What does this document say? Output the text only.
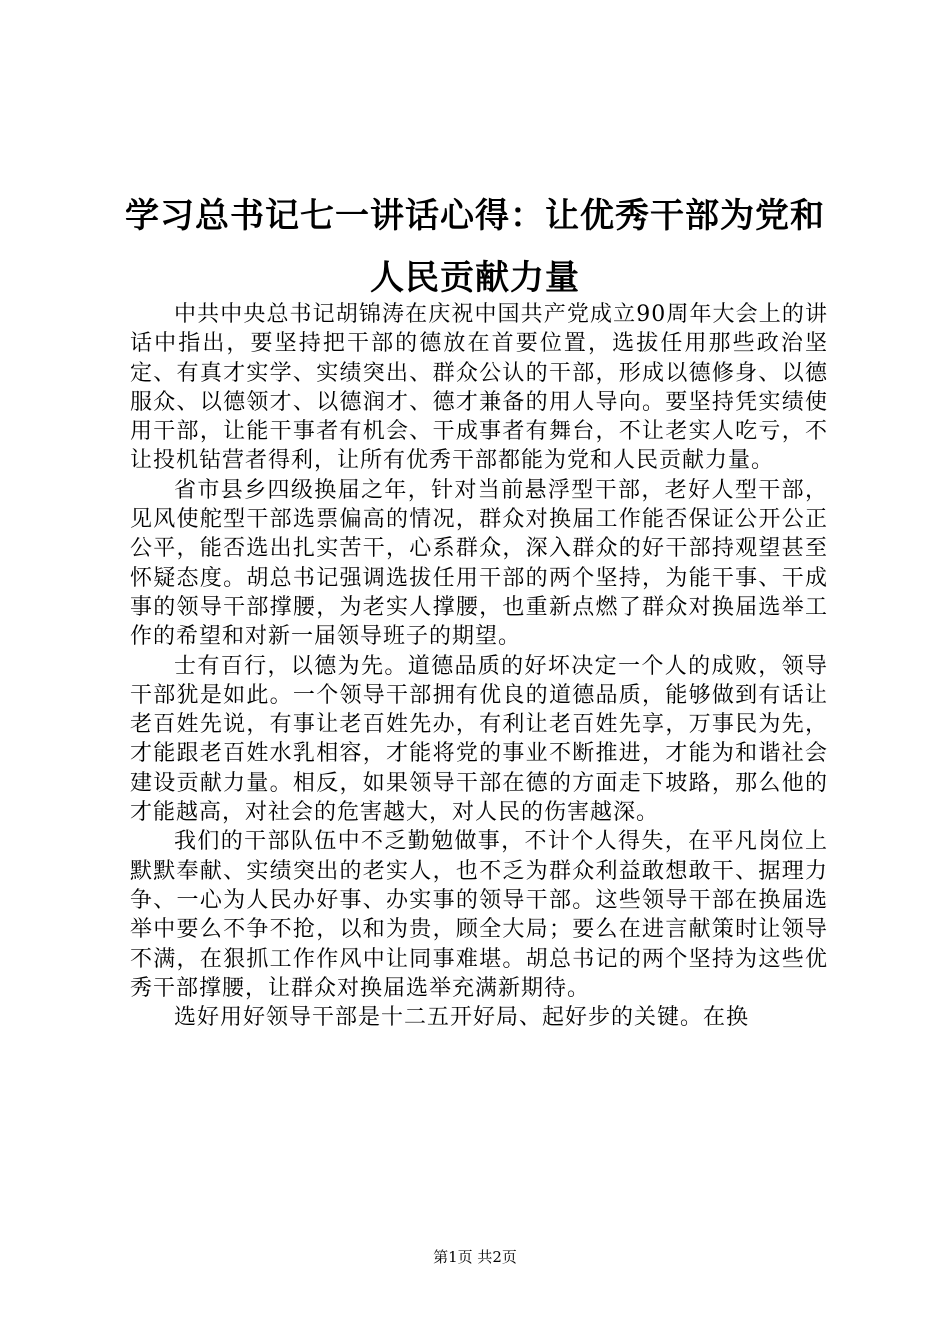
学习总书记七一讲话心得：让优秀干部为党和
人民贡献力量

中共中央总书记胡锦涛在庆祝中国共产党成立90周年大会上的讲话中指出，要坚持把干部的德放在首要位置，选拔任用那些政治坚定、有真才实学、实绩突出、群众公认的干部，形成以德修身、以德服众、以德领才、以德润才、德才兼备的用人导向。要坚持凭实绩使用干部，让能干事者有机会、干成事者有舞台，不让老实人吃亏，不让投机钻营者得利，让所有优秀干部都能为党和人民贡献力量。

省市县乡四级换届之年，针对当前悬浮型干部，老好人型干部，见风使舵型干部选票偏高的情况，群众对换届工作能否保证公开公正公平，能否选出扎实苦干，心系群众，深入群众的好干部持观望甚至怀疑态度。胡总书记强调选拔任用干部的两个坚持，为能干事、干成事的领导干部撑腰，为老实人撑腰，也重新点燃了群众对换届选举工作的希望和对新一届领导班子的期望。

士有百行，以德为先。道德品质的好坏决定一个人的成败，领导干部犹是如此。一个领导干部拥有优良的道德品质，能够做到有话让老百姓先说，有事让老百姓先办，有利让老百姓先享，万事民为先，才能跟老百姓水乳相容，才能将党的事业不断推进，才能为和谐社会建设贡献力量。相反，如果领导干部在德的方面走下坡路，那么他的才能越高，对社会的危害越大，对人民的伤害越深。

我们的干部队伍中不乏勤勉做事，不计个人得失，在平凡岗位上默默奉献、实绩突出的老实人，也不乏为群众利益敢想敢干、据理力争、一心为人民办好事、办实事的领导干部。这些领导干部在换届选举中要么不争不抢，以和为贵，顾全大局；要么在进言献策时让领导不满，在狠抓工作作风中让同事难堪。胡总书记的两个坚持为这些优秀干部撑腰，让群众对换届选举充满新期待。

选好用好领导干部是十二五开好局、起好步的关键。在换

第1页 共2页
